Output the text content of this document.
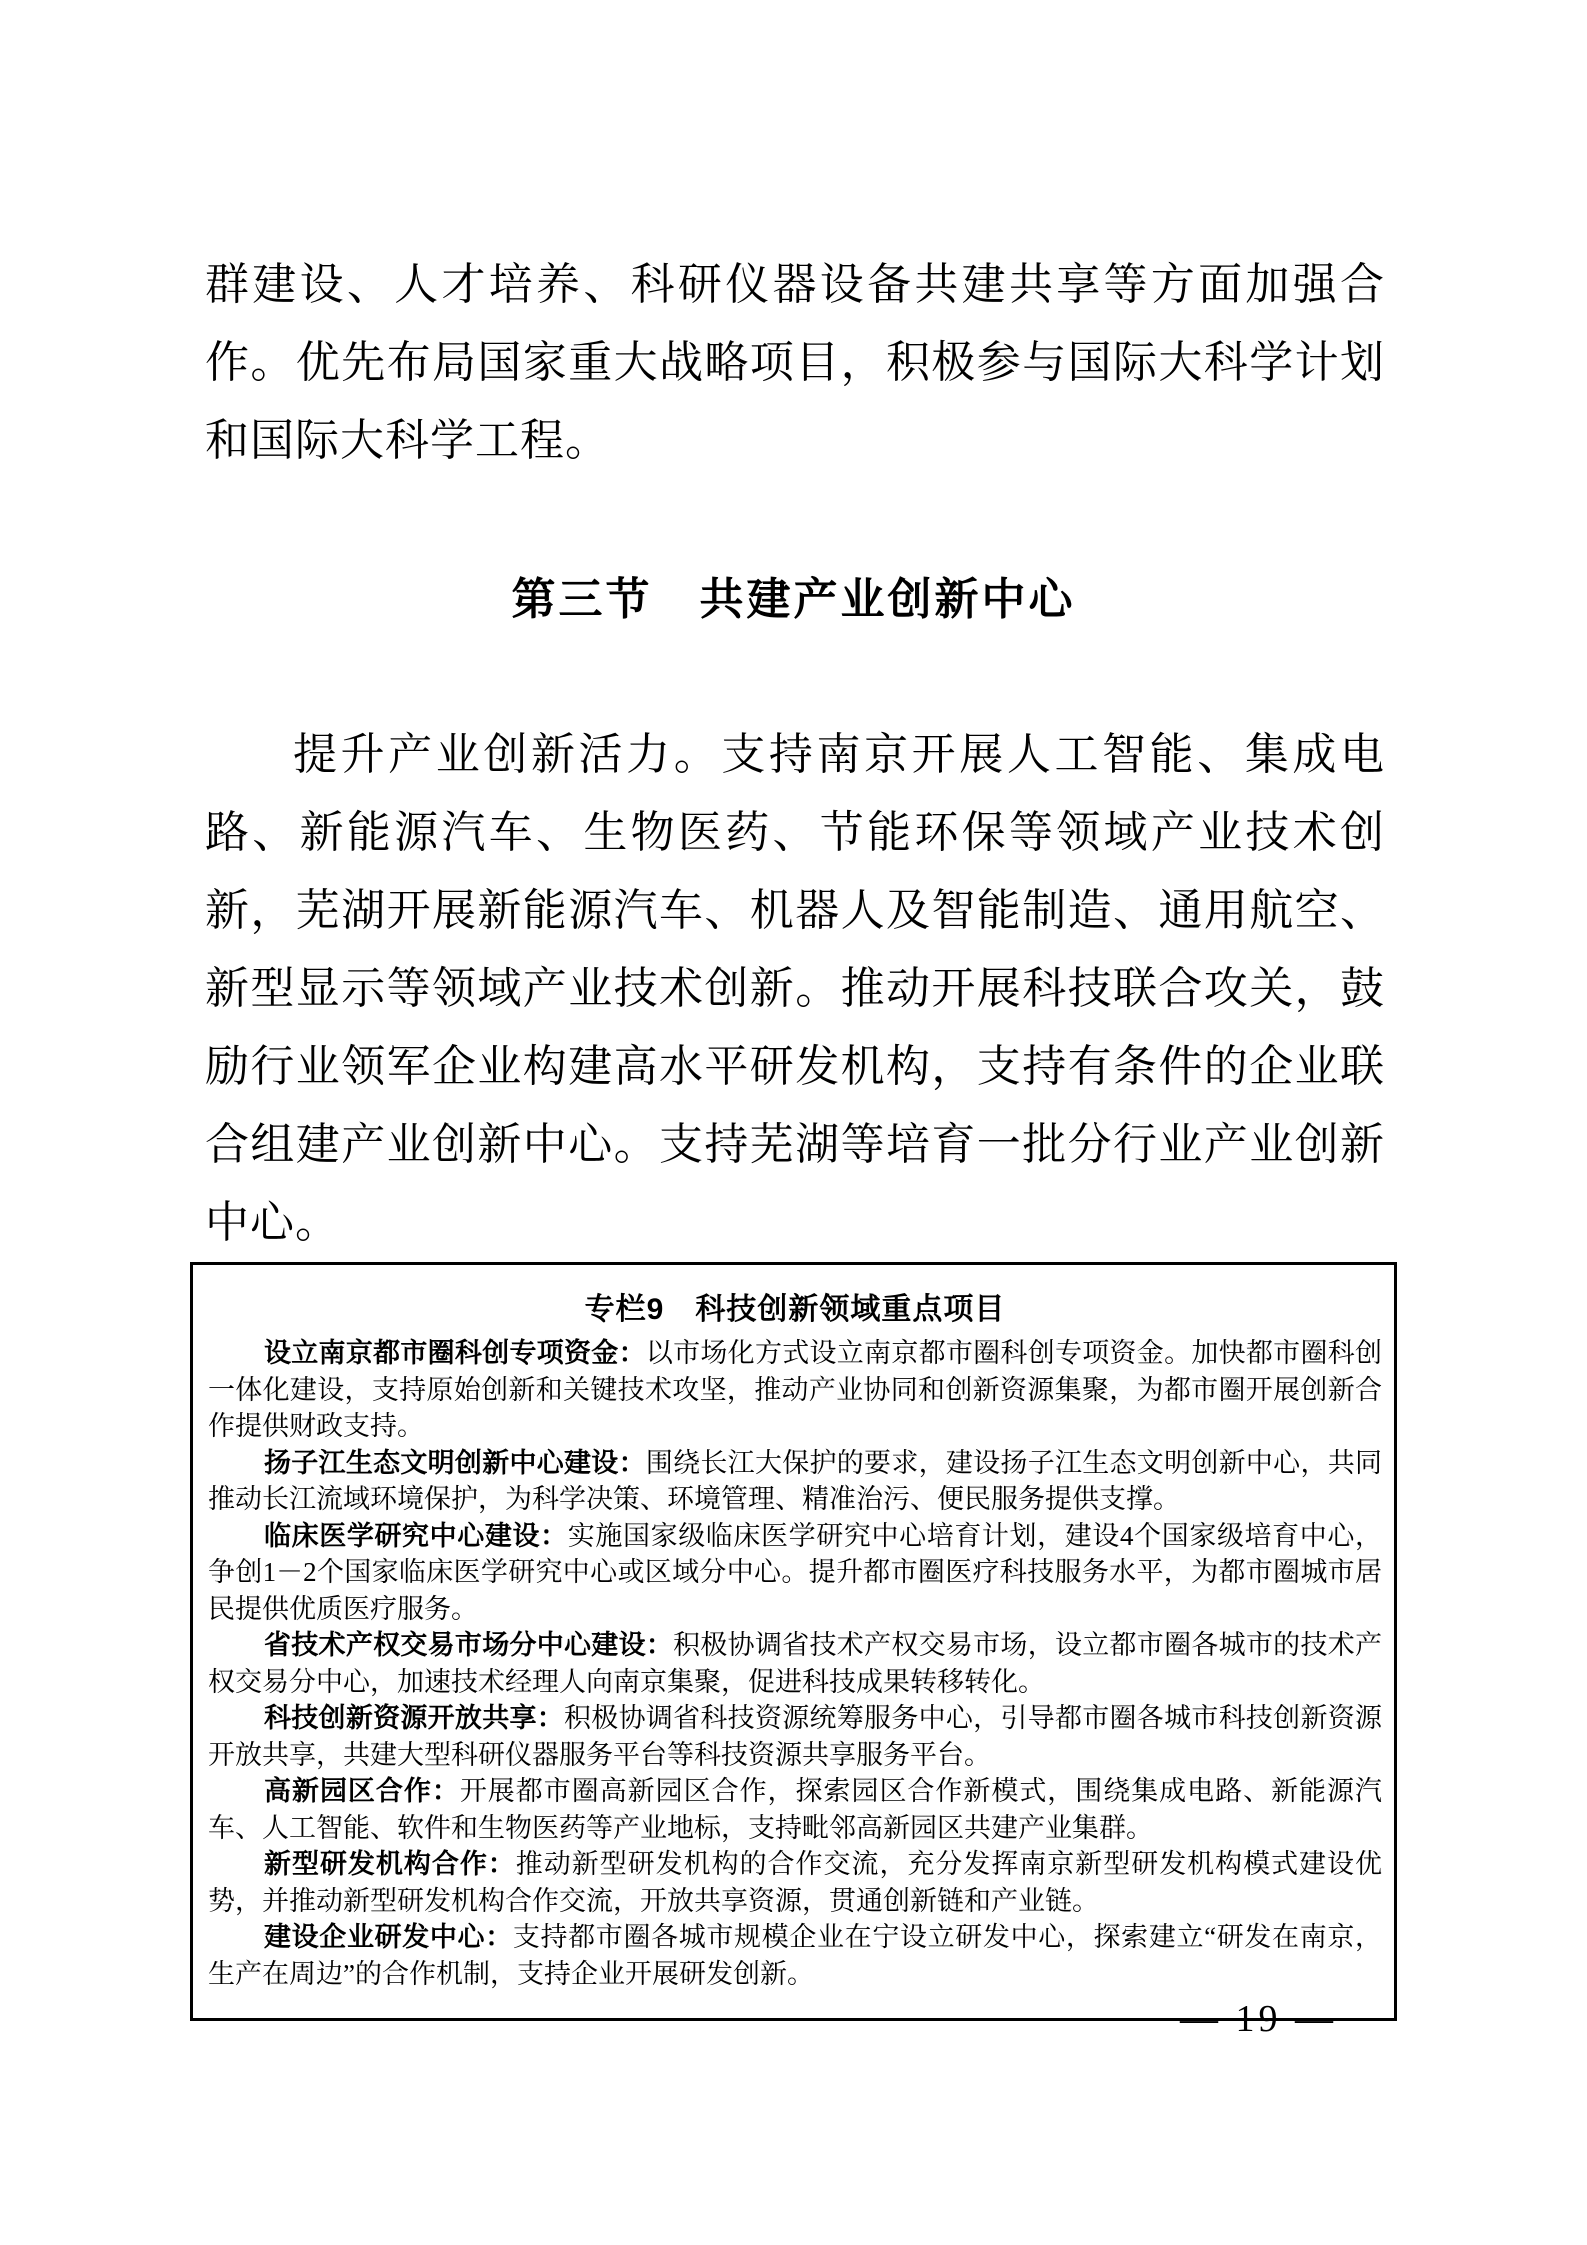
群建设、人才培养、科研仪器设备共建共享等方面加强合作。优先布局国家重大战略项目，积极参与国际大科学计划和国际大科学工程。

第三节　共建产业创新中心

提升产业创新活力。支持南京开展人工智能、集成电路、新能源汽车、生物医药、节能环保等领域产业技术创新，芜湖开展新能源汽车、机器人及智能制造、通用航空、新型显示等领域产业技术创新。推动开展科技联合攻关，鼓励行业领军企业构建高水平研发机构，支持有条件的企业联合组建产业创新中心。支持芜湖等培育一批分行业产业创新中心。

专栏9　科技创新领域重点项目

设立南京都市圈科创专项资金：以市场化方式设立南京都市圈科创专项资金。加快都市圈科创一体化建设，支持原始创新和关键技术攻坚，推动产业协同和创新资源集聚，为都市圈开展创新合作提供财政支持。

扬子江生态文明创新中心建设：围绕长江大保护的要求，建设扬子江生态文明创新中心，共同推动长江流域环境保护，为科学决策、环境管理、精准治污、便民服务提供支撑。

临床医学研究中心建设：实施国家级临床医学研究中心培育计划，建设4个国家级培育中心，争创1－2个国家临床医学研究中心或区域分中心。提升都市圈医疗科技服务水平，为都市圈城市居民提供优质医疗服务。

省技术产权交易市场分中心建设：积极协调省技术产权交易市场，设立都市圈各城市的技术产权交易分中心，加速技术经理人向南京集聚，促进科技成果转移转化。

科技创新资源开放共享：积极协调省科技资源统筹服务中心，引导都市圈各城市科技创新资源开放共享，共建大型科研仪器服务平台等科技资源共享服务平台。

高新园区合作：开展都市圈高新园区合作，探索园区合作新模式，围绕集成电路、新能源汽车、人工智能、软件和生物医药等产业地标，支持毗邻高新园区共建产业集群。

新型研发机构合作：推动新型研发机构的合作交流，充分发挥南京新型研发机构模式建设优势，并推动新型研发机构合作交流，开放共享资源，贯通创新链和产业链。

建设企业研发中心：支持都市圈各城市规模企业在宁设立研发中心，探索建立“研发在南京，生产在周边”的合作机制，支持企业开展研发创新。

— 19 —
